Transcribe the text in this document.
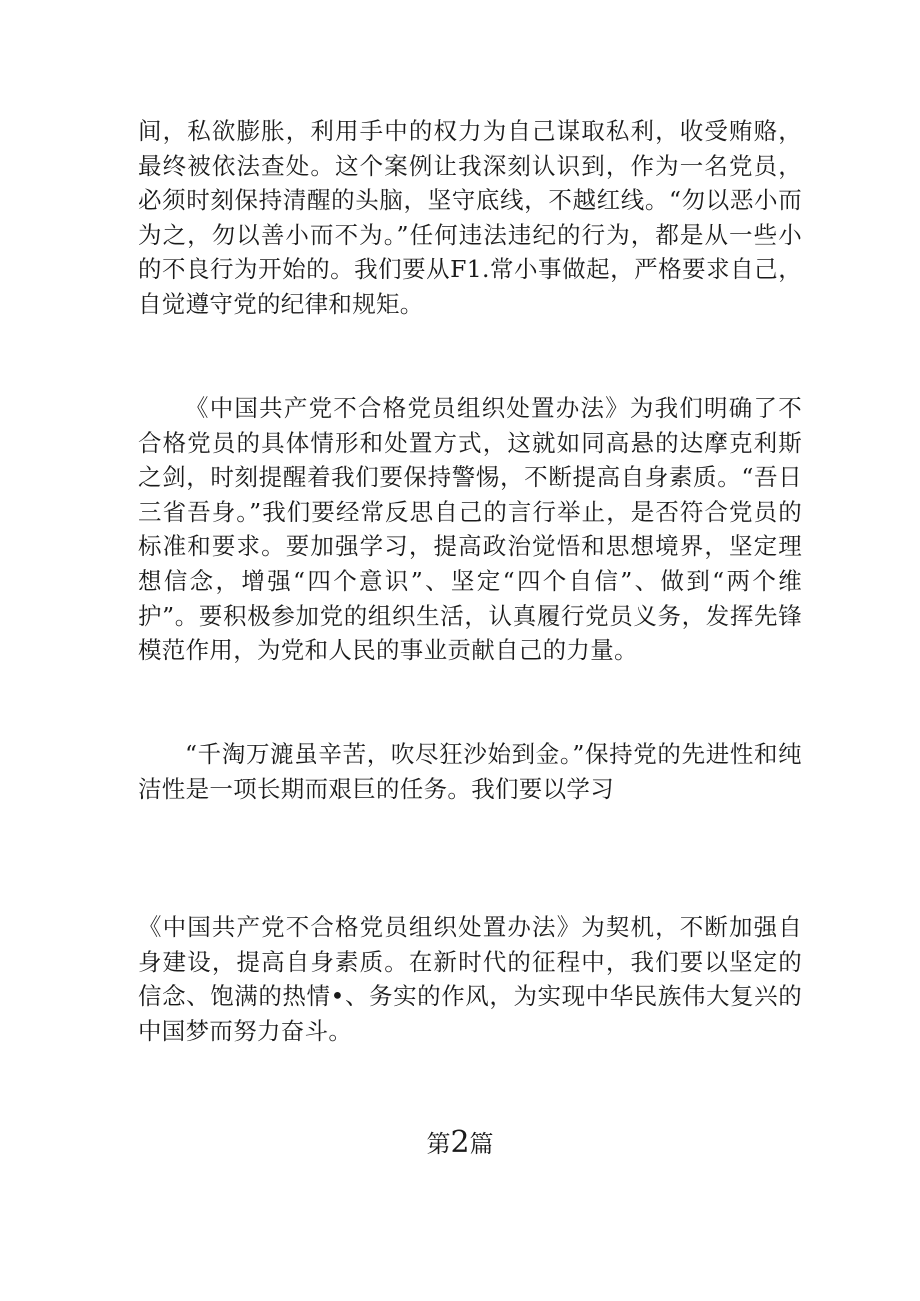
间，私欲膨胀，利用手中的权力为自己谋取私利，收受贿赂，最终被依法查处。这个案例让我深刻认识到，作为一名党员，必须时刻保持清醒的头脑，坚守底线，不越红线。“勿以恶小而为之，勿以善小而不为。”任何违法违纪的行为，都是从一些小的不良行为开始的。我们要从F1.常小事做起，严格要求自己，自觉遵守党的纪律和规矩。

《中国共产党不合格党员组织处置办法》为我们明确了不合格党员的具体情形和处置方式，这就如同高悬的达摩克利斯之剑，时刻提醒着我们要保持警惕，不断提高自身素质。“吾日三省吾身。”我们要经常反思自己的言行举止，是否符合党员的标准和要求。要加强学习，提高政治觉悟和思想境界，坚定理想信念，增强“四个意识”、坚定“四个自信”、做到“两个维护”。要积极参加党的组织生活，认真履行党员义务，发挥先锋模范作用，为党和人民的事业贡献自己的力量。

“千淘万漉虽辛苦，吹尽狂沙始到金。”保持党的先进性和纯洁性是一项长期而艰巨的任务。我们要以学习

《中国共产党不合格党员组织处置办法》为契机，不断加强自身建设，提高自身素质。在新时代的征程中，我们要以坚定的信念、饱满的热情•、务实的作风，为实现中华民族伟大复兴的中国梦而努力奋斗。

第2篇
